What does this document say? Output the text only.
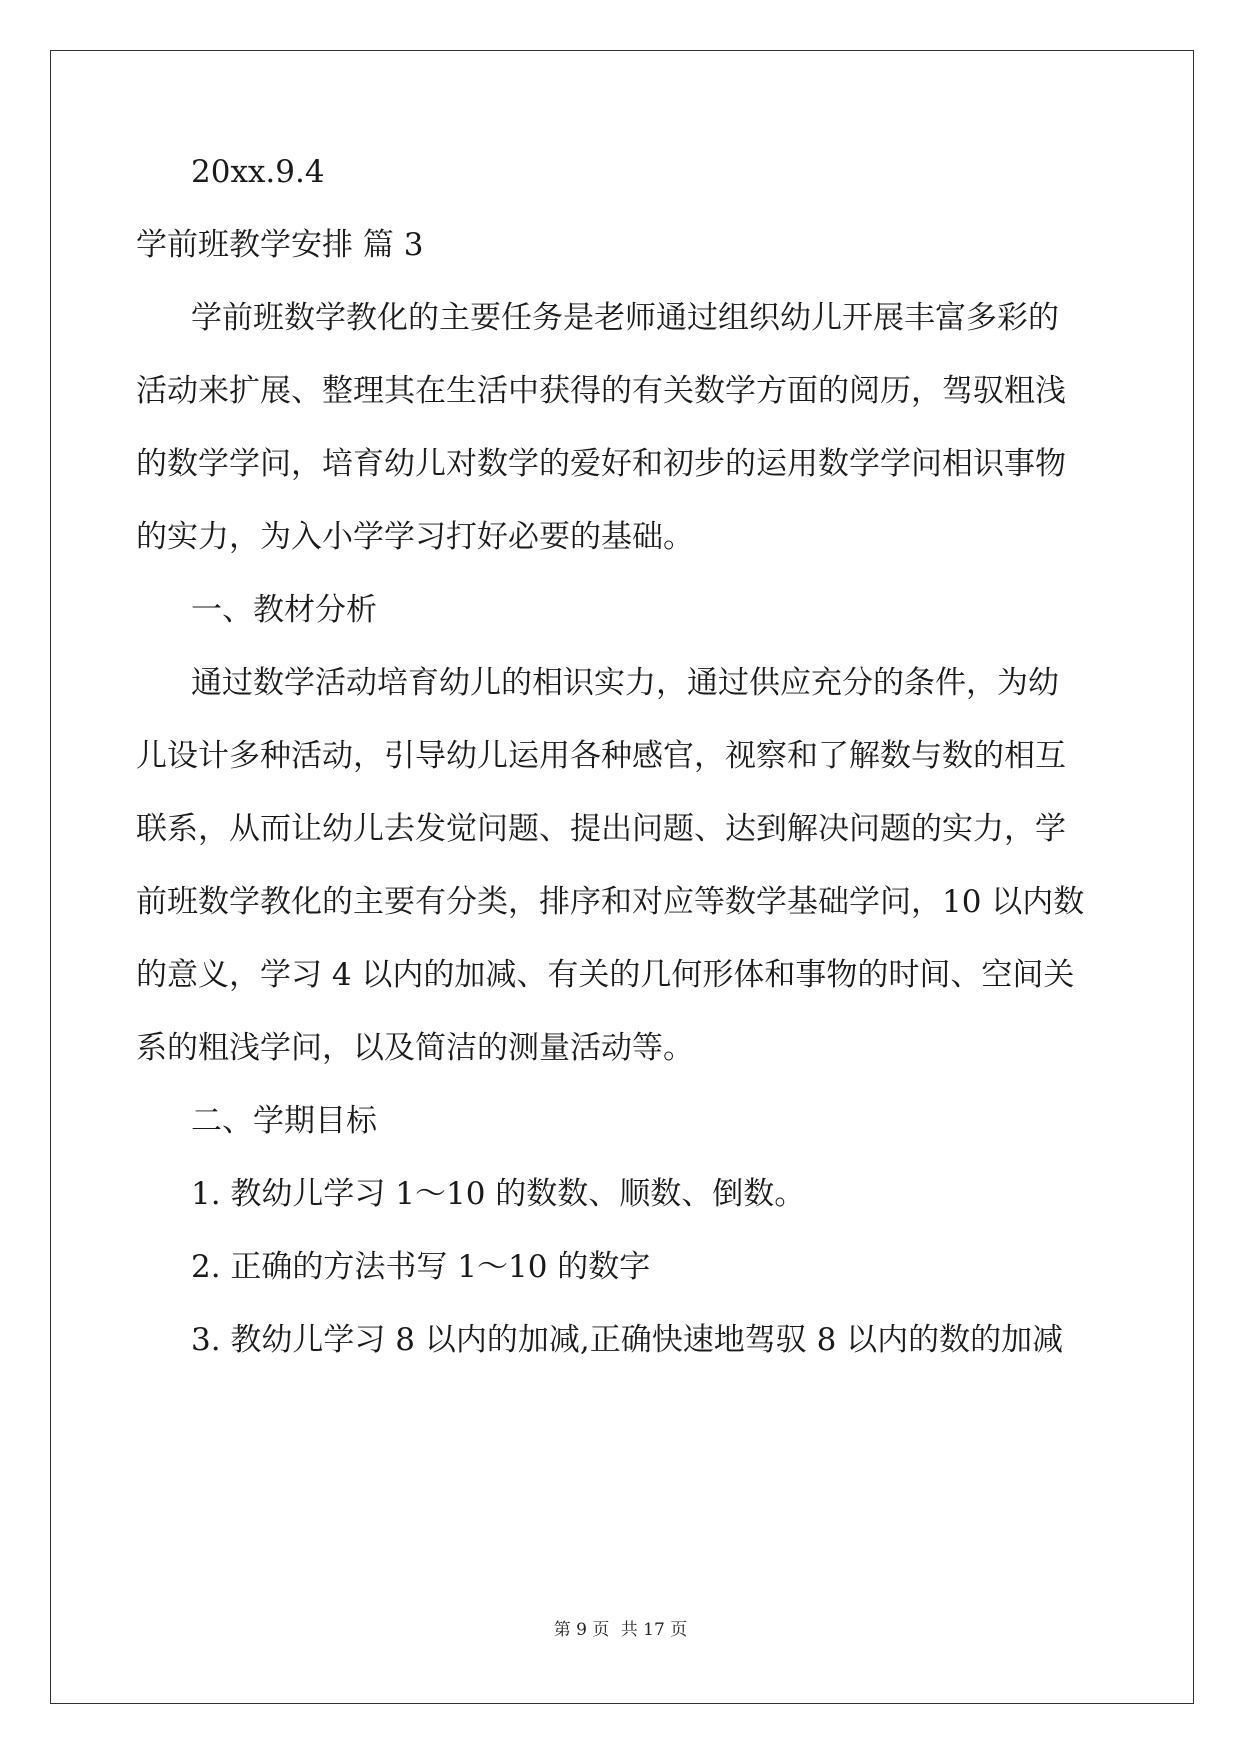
20xx.9.4
学前班教学安排 篇 3
学前班数学教化的主要任务是老师通过组织幼儿开展丰富多彩的
活动来扩展、整理其在生活中获得的有关数学方面的阅历，驾驭粗浅
的数学学问，培育幼儿对数学的爱好和初步的运用数学学问相识事物
的实力，为入小学学习打好必要的基础。
一、教材分析
通过数学活动培育幼儿的相识实力，通过供应充分的条件，为幼
儿设计多种活动，引导幼儿运用各种感官，视察和了解数与数的相互
联系，从而让幼儿去发觉问题、提出问题、达到解决问题的实力，学
前班数学教化的主要有分类，排序和对应等数学基础学问，10 以内数
的意义，学习 4 以内的加减、有关的几何形体和事物的时间、空间关
系的粗浅学问，以及简洁的测量活动等。
二、学期目标
1. 教幼儿学习 1～10 的数数、顺数、倒数。
2. 正确的方法书写 1～10 的数字
3. 教幼儿学习 8 以内的加减,正确快速地驾驭 8 以内的数的加减
第 9 页 共 17 页
